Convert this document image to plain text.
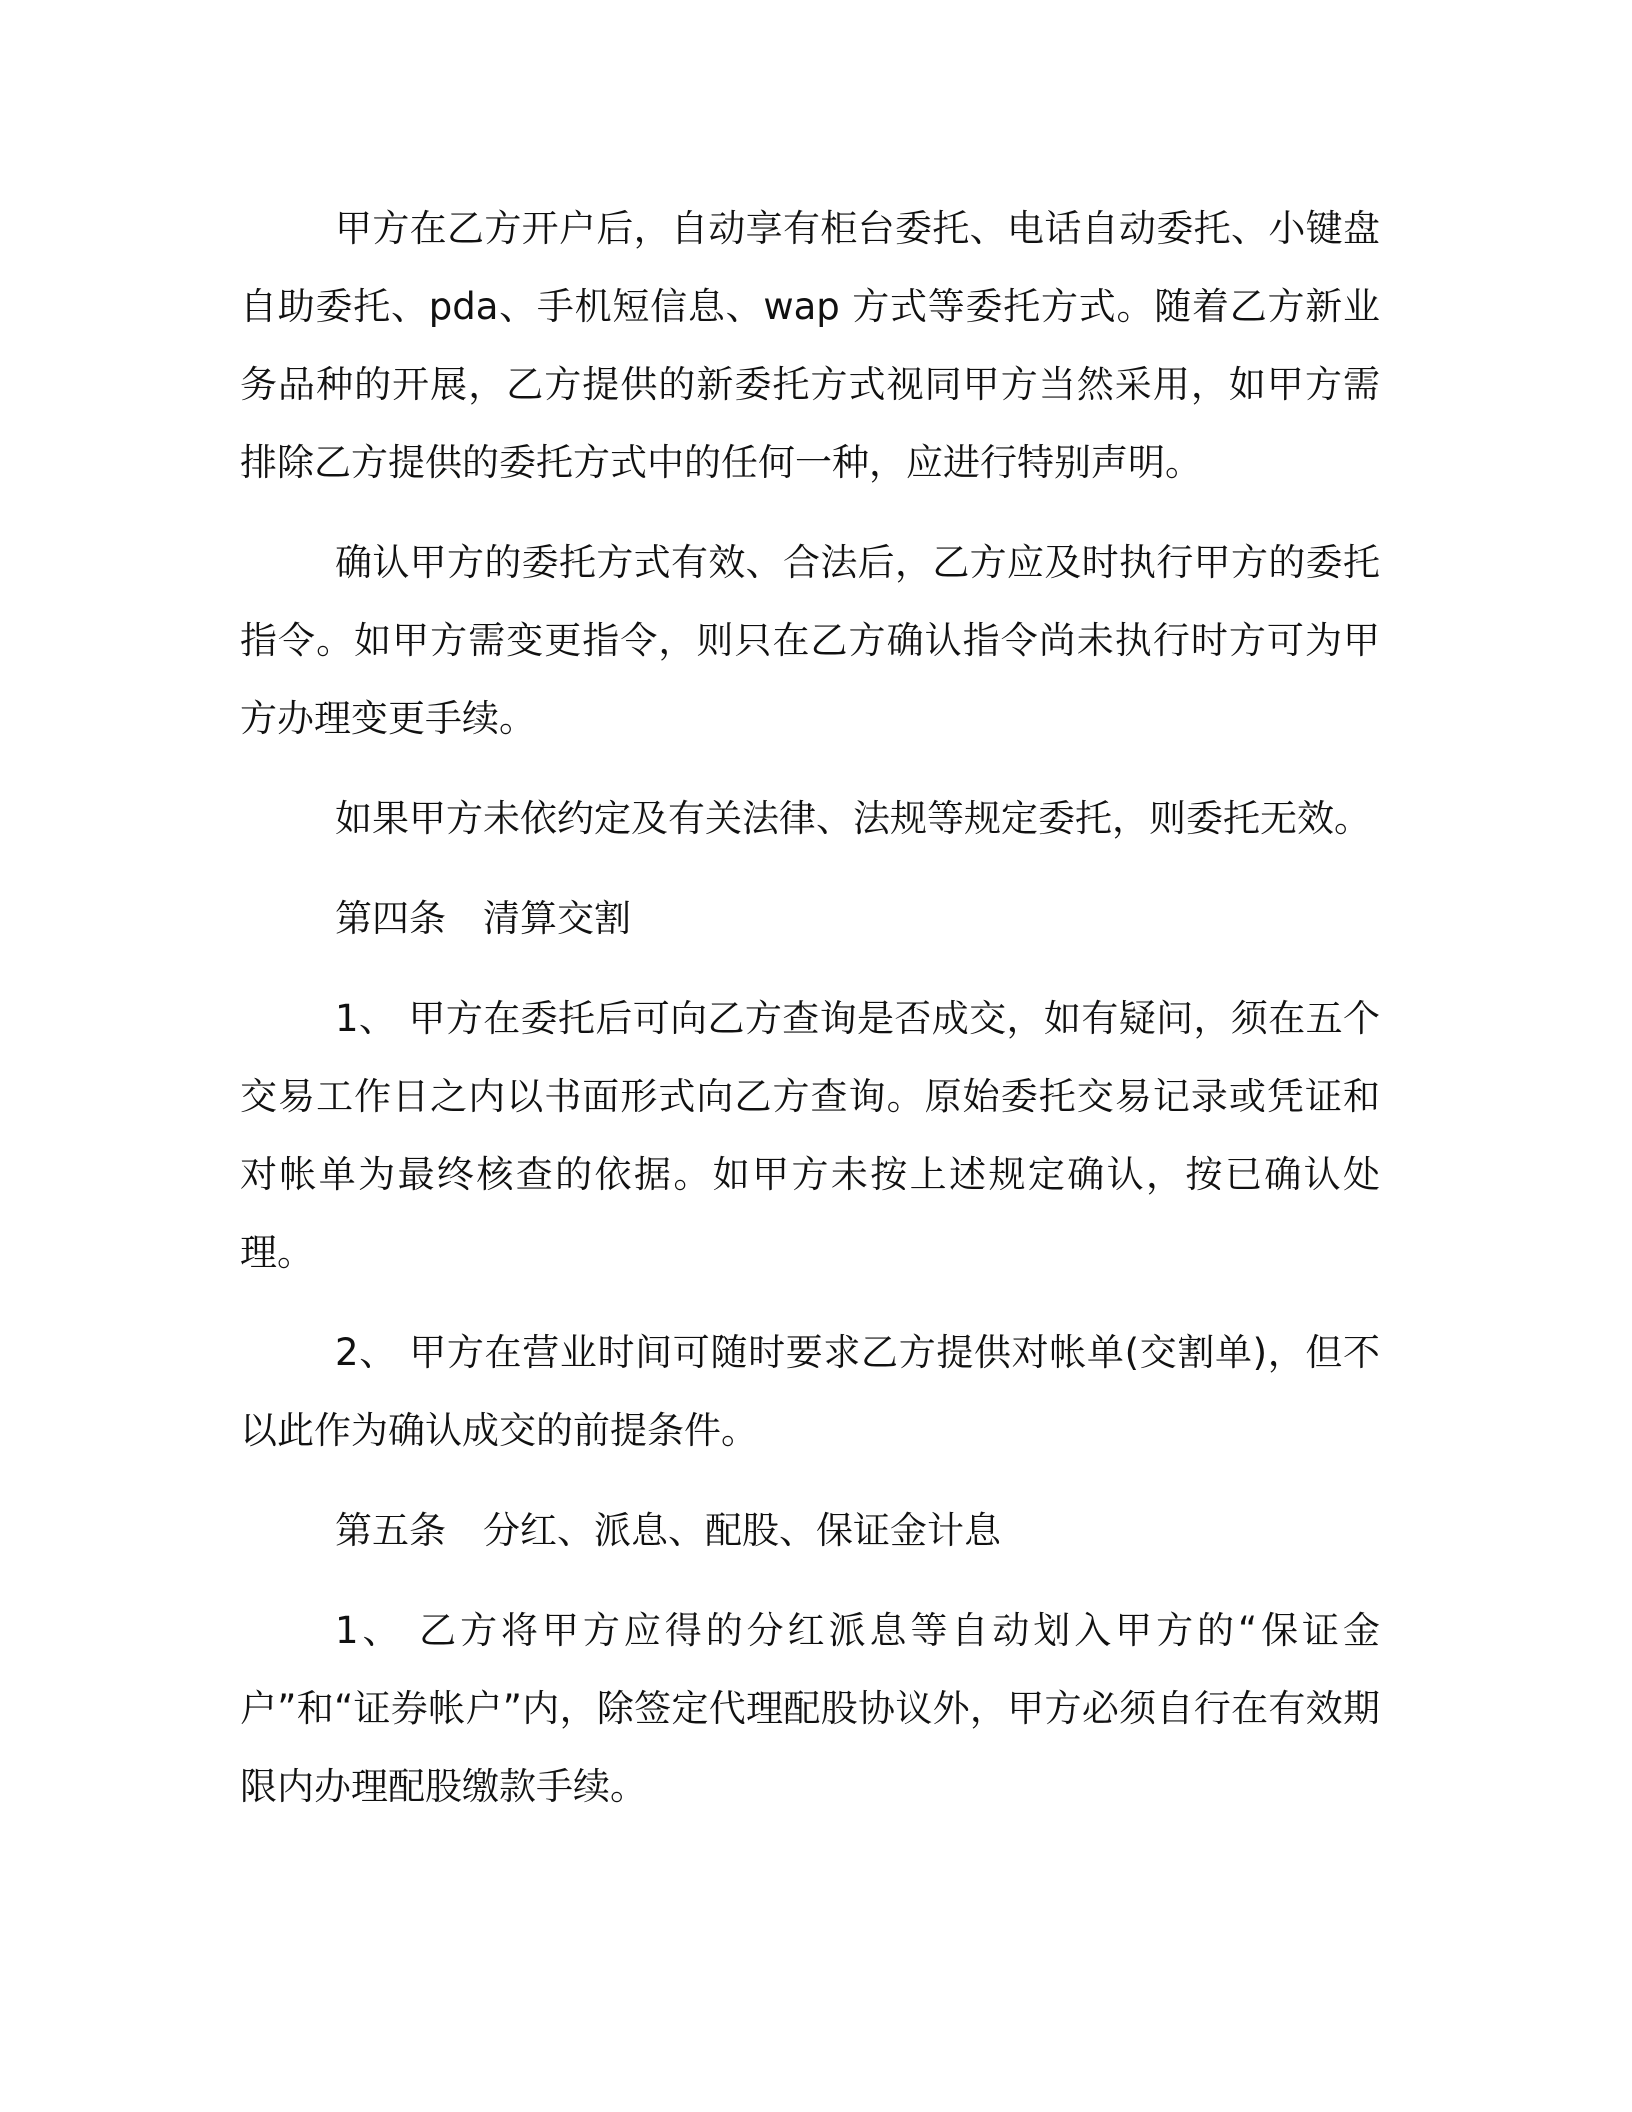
甲方在乙方开户后，自动享有柜台委托、电话自动委托、小键盘自助委托、pda、手机短信息、wap 方式等委托方式。随着乙方新业务品种的开展，乙方提供的新委托方式视同甲方当然采用，如甲方需排除乙方提供的委托方式中的任何一种，应进行特别声明。

确认甲方的委托方式有效、合法后，乙方应及时执行甲方的委托指令。如甲方需变更指令，则只在乙方确认指令尚未执行时方可为甲方办理变更手续。

如果甲方未依约定及有关法律、法规等规定委托，则委托无效。

第四条　清算交割

1、 甲方在委托后可向乙方查询是否成交，如有疑问，须在五个交易工作日之内以书面形式向乙方查询。原始委托交易记录或凭证和对帐单为最终核查的依据。如甲方未按上述规定确认，按已确认处理。

2、 甲方在营业时间可随时要求乙方提供对帐单(交割单)，但不以此作为确认成交的前提条件。

第五条　分红、派息、配股、保证金计息

1、 乙方将甲方应得的分红派息等自动划入甲方的“保证金户”和“证券帐户”内，除签定代理配股协议外，甲方必须自行在有效期限内办理配股缴款手续。
